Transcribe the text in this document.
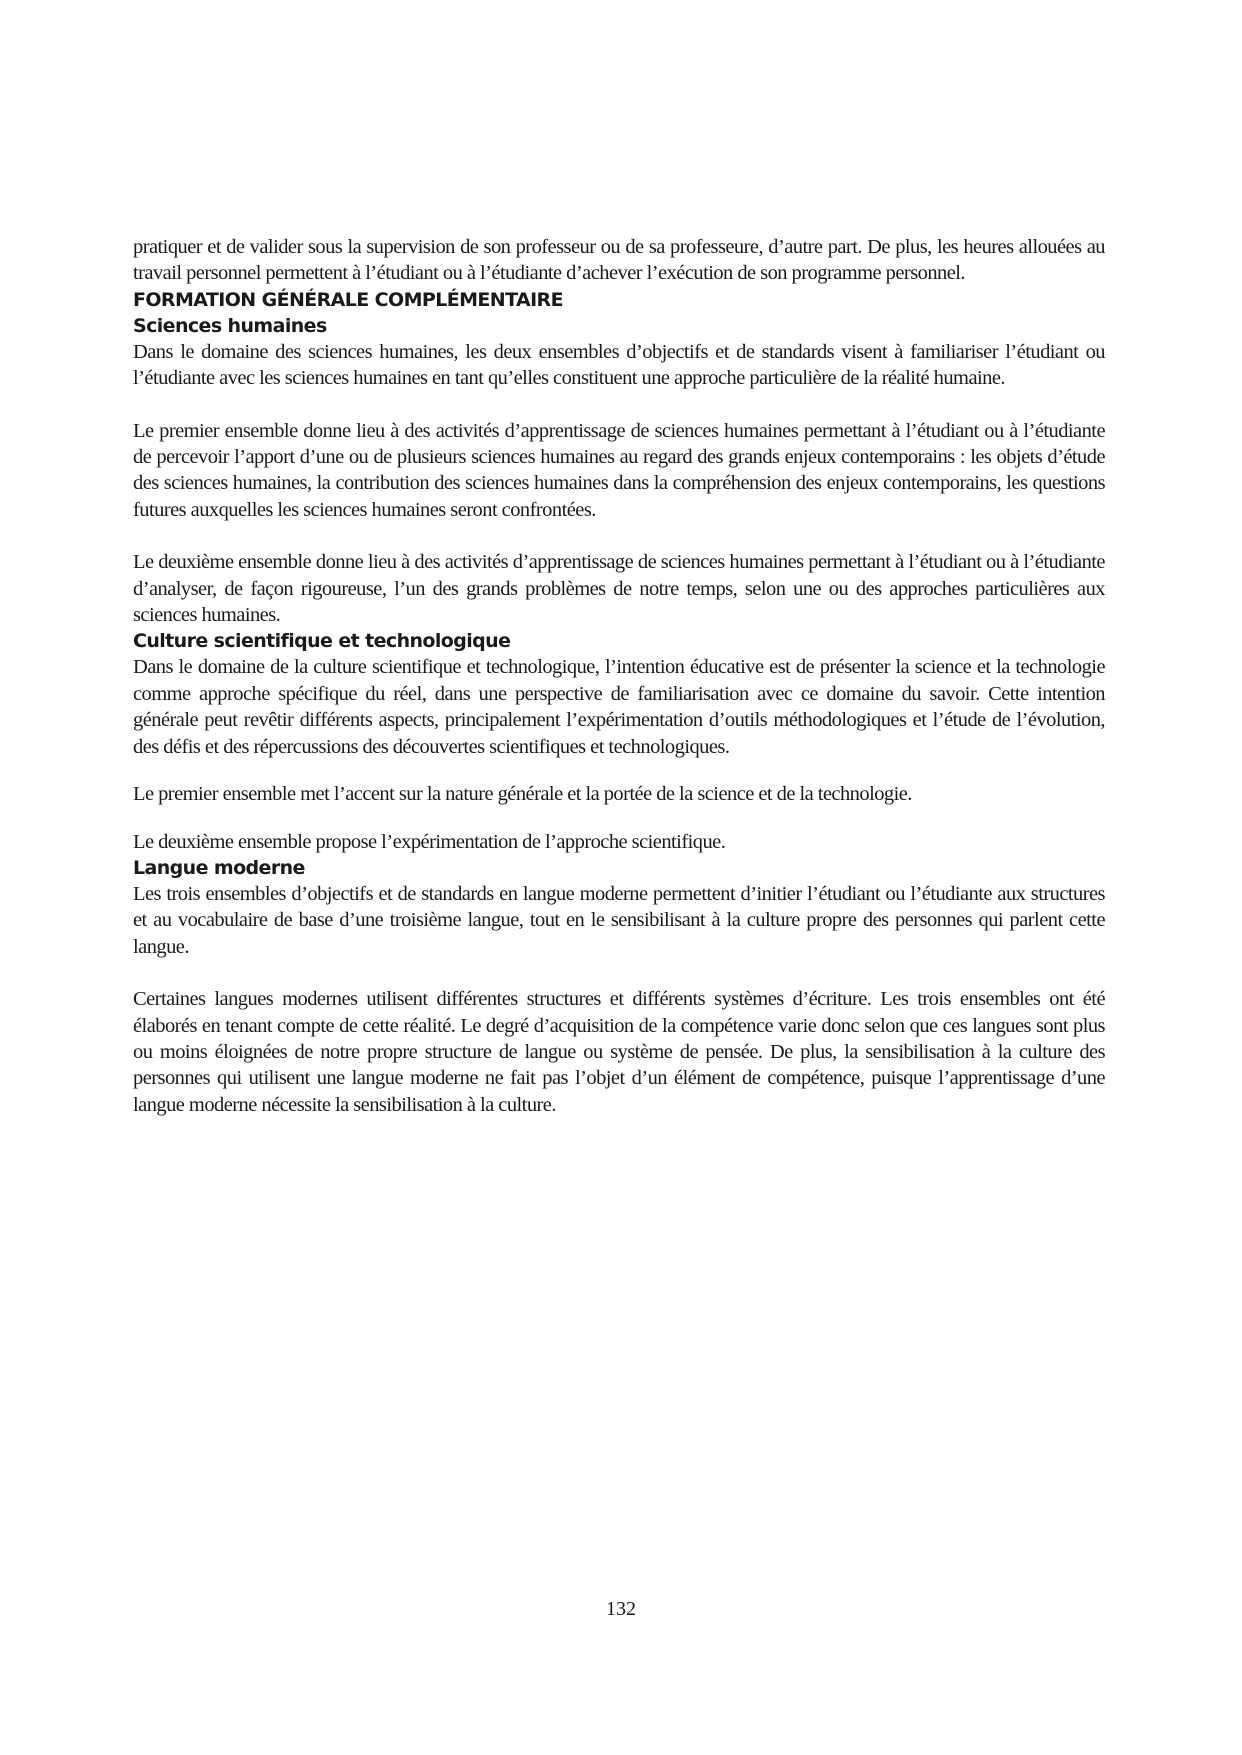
pratiquer et de valider sous la supervision de son professeur ou de sa professeure, d’autre part. De plus, les heures allouées au travail personnel permettent à l’étudiant ou à l’étudiante d’achever l’exécution de son programme personnel.

FORMATION GÉNÉRALE COMPLÉMENTAIRE
Sciences humaines

Dans le domaine des sciences humaines, les deux ensembles d’objectifs et de standards visent à familiariser l’étudiant ou l’étudiante avec les sciences humaines en tant qu’elles constituent une approche particulière de la réalité humaine.

Le premier ensemble donne lieu à des activités d’apprentissage de sciences humaines permettant à l’étudiant ou à l’étudiante de percevoir l’apport d’une ou de plusieurs sciences humaines au regard des grands enjeux contemporains : les objets d’étude des sciences humaines, la contribution des sciences humaines dans la compréhension des enjeux contemporains, les questions futures auxquelles les sciences humaines seront confrontées.

Le deuxième ensemble donne lieu à des activités d’apprentissage de sciences humaines permettant à l’étudiant ou à l’étudiante d’analyser, de façon rigoureuse, l’un des grands problèmes de notre temps, selon une ou des approches particulières aux sciences humaines.

Culture scientifique et technologique

Dans le domaine de la culture scientifique et technologique, l’intention éducative est de présenter la science et la technologie comme approche spécifique du réel, dans une perspective de familiarisation avec ce domaine du savoir. Cette intention générale peut revêtir différents aspects, principalement l’expérimentation d’outils méthodologiques et l’étude de l’évolution, des défis et des répercussions des découvertes scientifiques et technologiques.

Le premier ensemble met l’accent sur la nature générale et la portée de la science et de la technologie.

Le deuxième ensemble propose l’expérimentation de l’approche scientifique.

Langue moderne

Les trois ensembles d’objectifs et de standards en langue moderne permettent d’initier l’étudiant ou l’étudiante aux structures et au vocabulaire de base d’une troisième langue, tout en le sensibilisant à la culture propre des personnes qui parlent cette langue.

Certaines langues modernes utilisent différentes structures et différents systèmes d’écriture. Les trois ensembles ont été élaborés en tenant compte de cette réalité. Le degré d’acquisition de la compétence varie donc selon que ces langues sont plus ou moins éloignées de notre propre structure de langue ou système de pensée. De plus, la sensibilisation à la culture des personnes qui utilisent une langue moderne ne fait pas l’objet d’un élément de compétence, puisque l’apprentissage d’une langue moderne nécessite la sensibilisation à la culture.

132
